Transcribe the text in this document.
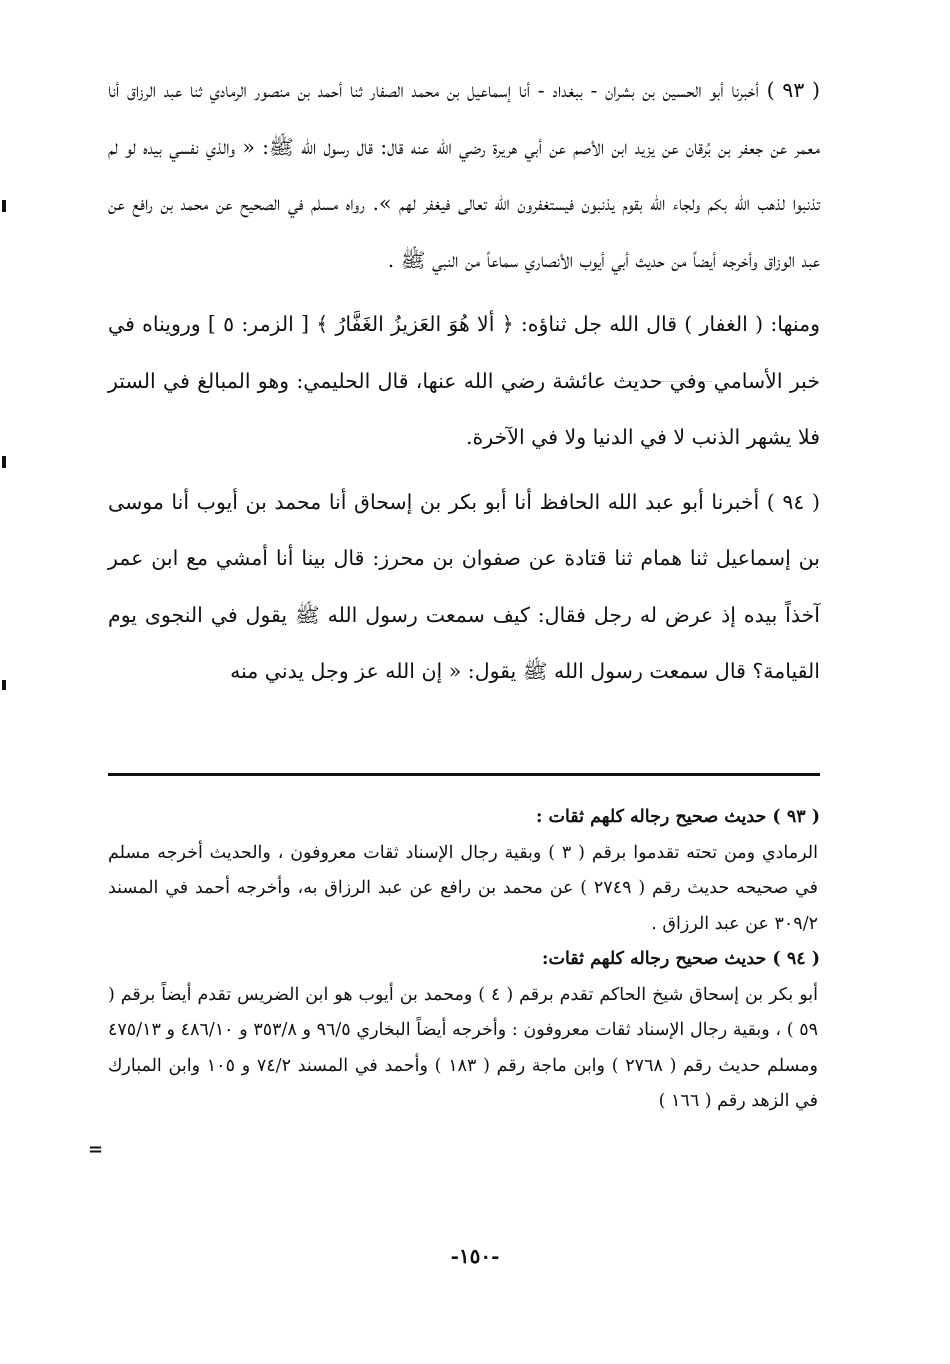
( ٩٣ ) أخبرنا أبو الحسين بن بشران - ببغداد - أنا إسماعيل بن محمد الصفار ثنا أحمد بن منصور الرمادي ثنا عبد الرزاق أنا معمر عن جعفر بن بُرقان عن يزيد ابن الأصم عن أبي هريرة رضي الله عنه قال: قال رسول الله ﷺ: « والذي نفسي بيده لو لم تذنبوا لذهب الله بكم ولجاء الله بقوم يذنبون فيستغفرون الله تعالى فيغفر لهم ». رواه مسلم في الصحيح عن محمد بن رافع عن عبد الوزاق وأخرجه أيضاً من حديث أبي أيوب الأنصاري سماعاً من النبي ﷺ .

ومنها: ( الغفار ) قال الله جل ثناؤه: ﴿ ألا هُوَ العَزيزُ الغَفَّارُ ﴾ [ الزمر: ٥ ] ورويناه في خبر الأسامي وفي حديث عائشة رضي الله عنها، قال الحليمي: وهو المبالغ في الستر فلا يشهر الذنب لا في الدنيا ولا في الآخرة.

( ٩٤ ) أخبرنا أبو عبد الله الحافظ أنا أبو بكر بن إسحاق أنا محمد بن أيوب أنا موسى بن إسماعيل ثنا همام ثنا قتادة عن صفوان بن محرز: قال بينا أنا أمشي مع ابن عمر آخذاً بيده إذ عرض له رجل فقال: كيف سمعت رسول الله ﷺ يقول في النجوى يوم القيامة؟ قال سمعت رسول الله ﷺ يقول: « إن الله عز وجل يدني منه

( ٩٣ ) حديث صحيح رجاله كلهم ثقات :

الرمادي ومن تحته تقدموا برقم ( ٣ ) وبقية رجال الإسناد ثقات معروفون ، والحديث أخرجه مسلم في صحيحه حديث رقم ( ٢٧٤٩ ) عن محمد بن رافع عن عبد الرزاق به، وأخرجه أحمد في المسند ٣٠٩/٢ عن عبد الرزاق .

( ٩٤ ) حديث صحيح رجاله كلهم ثقات:

أبو بكر بن إسحاق شيخ الحاكم تقدم برقم ( ٤ ) ومحمد بن أيوب هو ابن الضريس تقدم أيضاً برقم ( ٥٩ ) ، وبقية رجال الإسناد ثقات معروفون : وأخرجه أيضاً البخاري ٩٦/٥ و ٣٥٣/٨ و ٤٨٦/١٠ و ٤٧٥/١٣ ومسلم حديث رقم ( ٢٧٦٨ ) وابن ماجة رقم ( ١٨٣ ) وأحمد في المسند ٧٤/٢ و ١٠٥ وابن المبارك في الزهد رقم ( ١٦٦ )

=
-١٥٠-
